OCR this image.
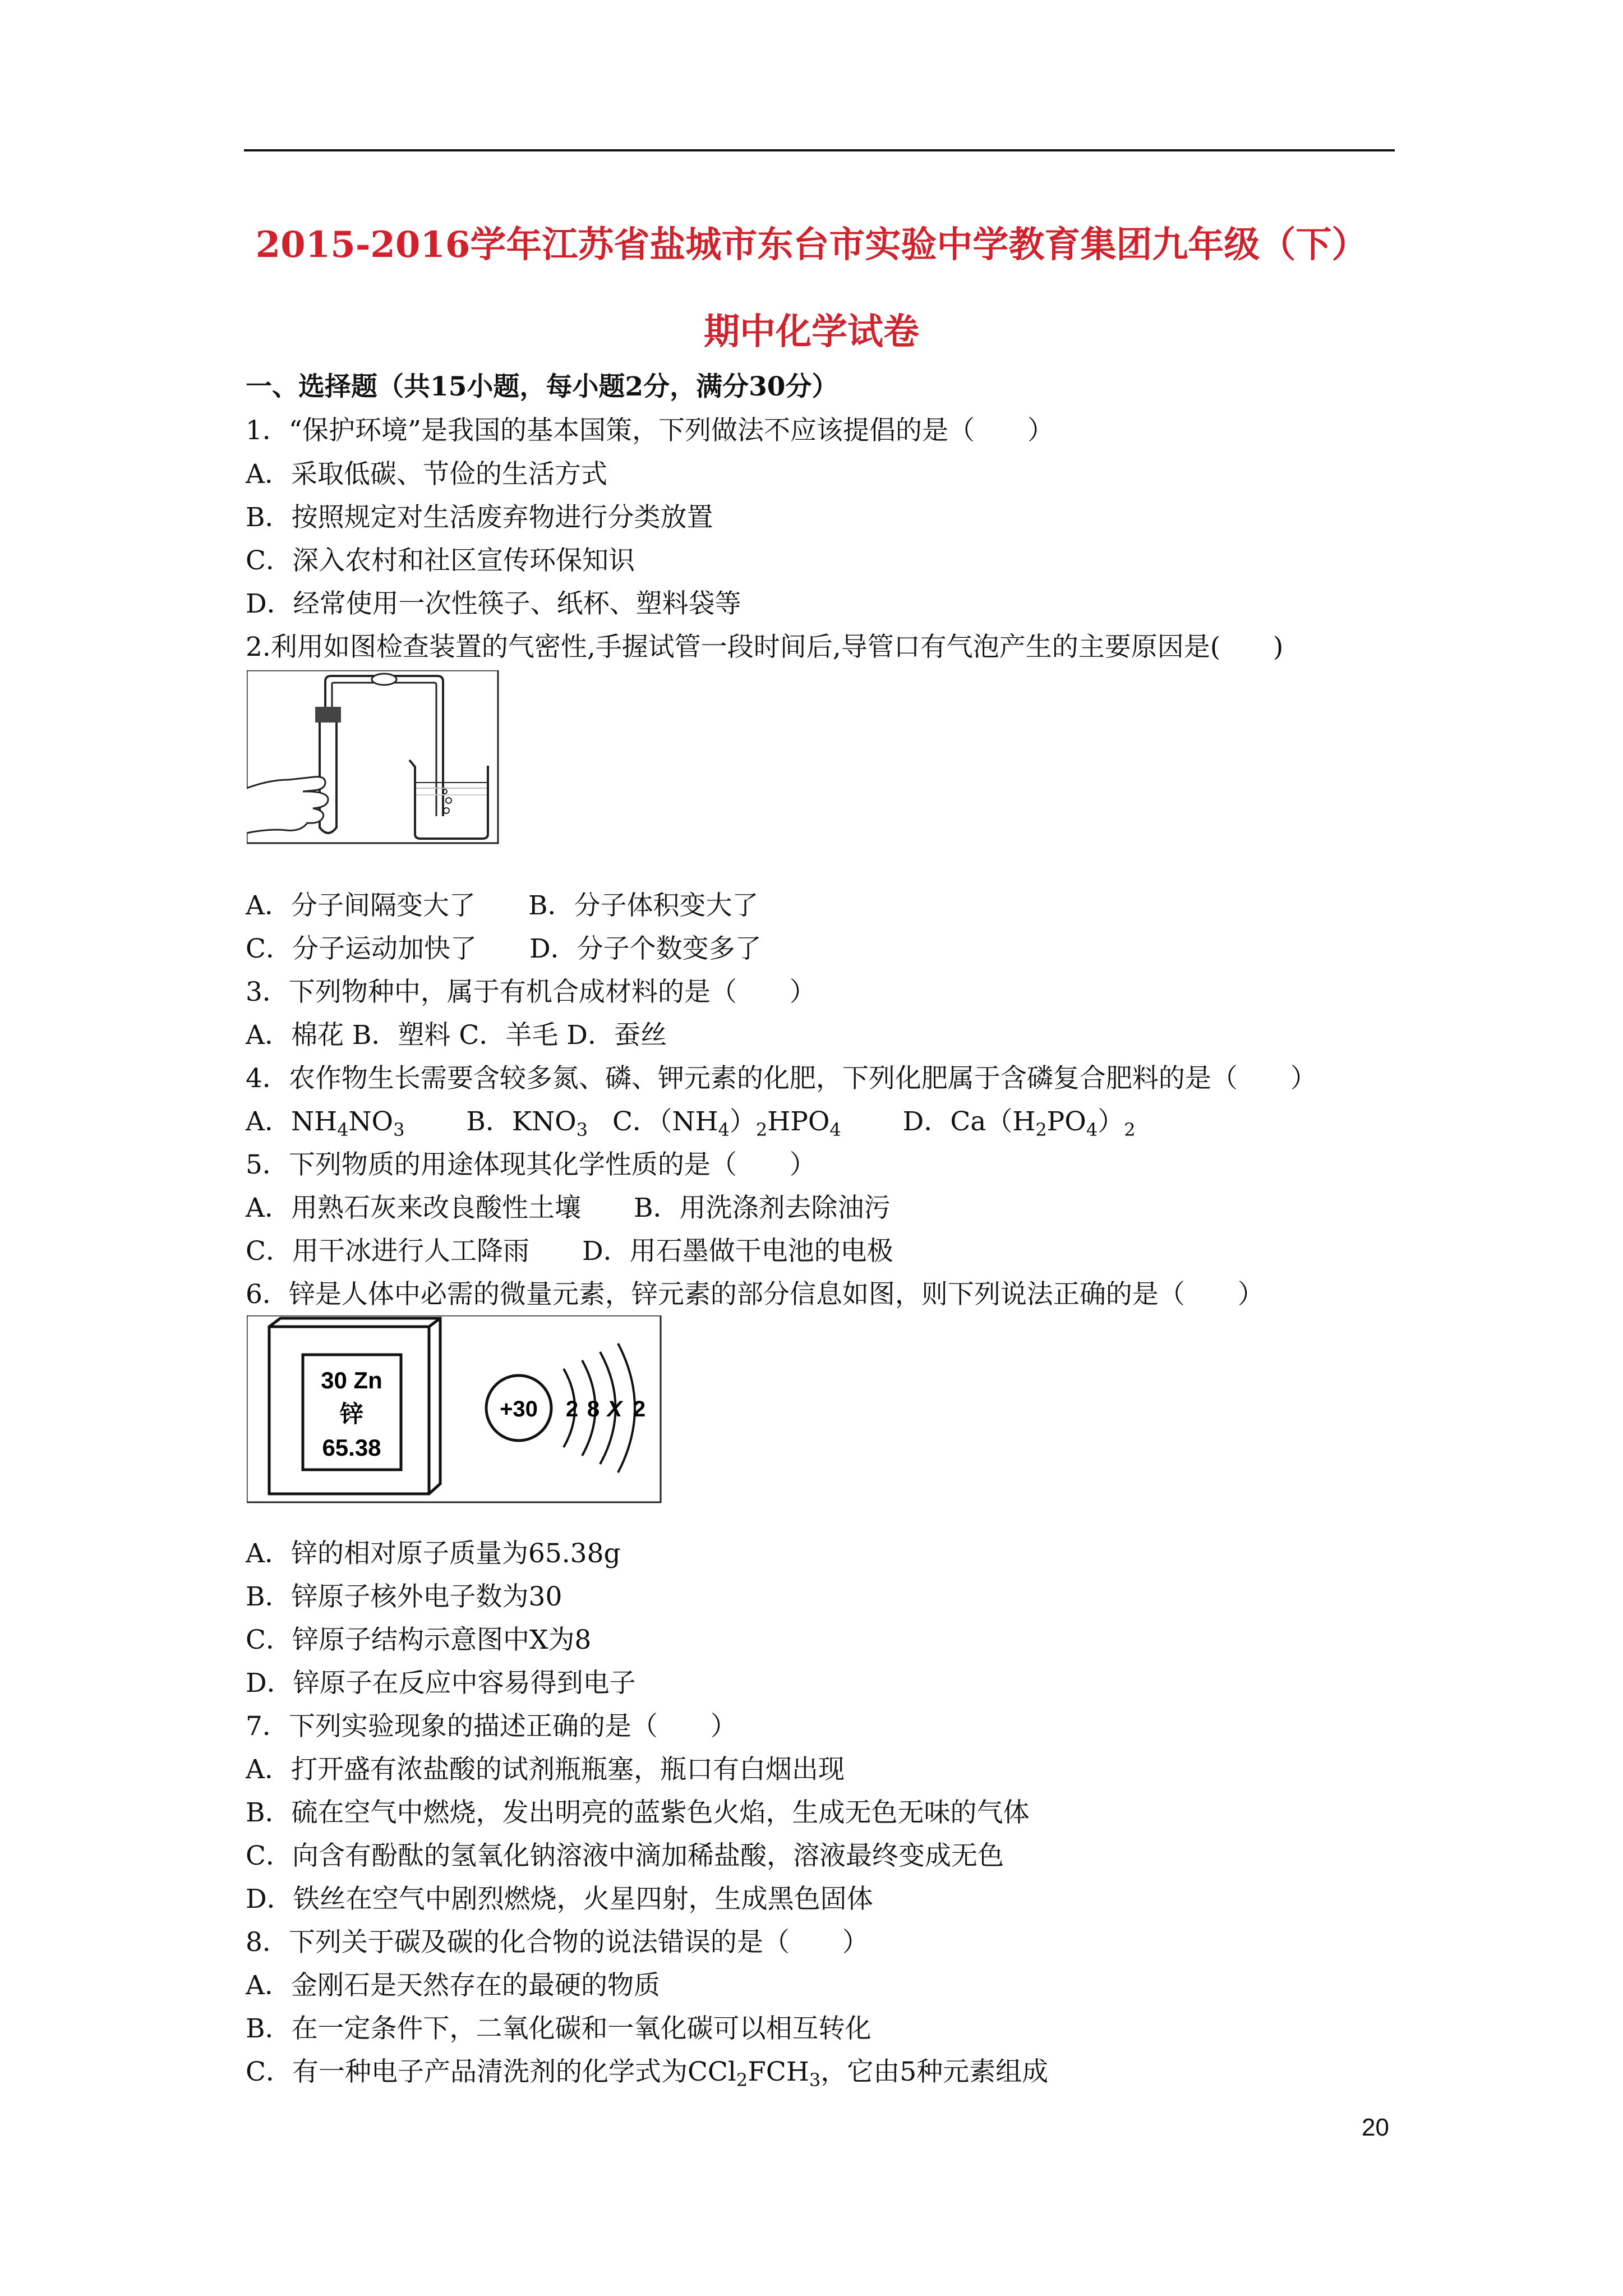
2015-2016学年江苏省盐城市东台市实验中学教育集团九年级（下）
期中化学试卷
一、选择题（共15小题，每小题2分，满分30分）
1．“保护环境”是我国的基本国策，下列做法不应该提倡的是（　　）
A．采取低碳、节俭的生活方式
B．按照规定对生活废弃物进行分类放置
C．深入农村和社区宣传环保知识
D．经常使用一次性筷子、纸杯、塑料袋等
2.利用如图检查装置的气密性,手握试管一段时间后,导管口有气泡产生的主要原因是(　　)
A．分子间隔变大了　　B．分子体积变大了
C．分子运动加快了　　D．分子个数变多了
3．下列物种中，属于有机合成材料的是（　　）
A．棉花 B．塑料 C．羊毛 D．蚕丝
4．农作物生长需要含较多氮、磷、钾元素的化肥，下列化肥属于含磷复合肥料的是（　　）
A．$NH_4NO_3$ B．$KNO_3$ C．$(NH_4)_2HPO_4$ D．$Ca(H_2PO_4)_2$
5．下列物质的用途体现其化学性质的是（　　）
A．用熟石灰来改良酸性土壤　　B．用洗涤剂去除油污
C．用干冰进行人工降雨　　D．用石墨做干电池的电极
6．锌是人体中必需的微量元素，锌元素的部分信息如图，则下列说法正确的是（　　）
30 Zn
锌
65.38
+30 2 8 X 2
A．锌的相对原子质量为65.38g
B．锌原子核外电子数为30
C．锌原子结构示意图中X为8
D．锌原子在反应中容易得到电子
7．下列实验现象的描述正确的是（　　）
A．打开盛有浓盐酸的试剂瓶瓶塞，瓶口有白烟出现
B．硫在空气中燃烧，发出明亮的蓝紫色火焰，生成无色无味的气体
C．向含有酚酞的氢氧化钠溶液中滴加稀盐酸，溶液最终变成无色
D．铁丝在空气中剧烈燃烧，火星四射，生成黑色固体
8．下列关于碳及碳的化合物的说法错误的是（　　）
A．金刚石是天然存在的最硬的物质
B．在一定条件下，二氧化碳和一氧化碳可以相互转化
C．有一种电子产品清洗剂的化学式为$CCl_2FCH_3$，它由5种元素组成
20
